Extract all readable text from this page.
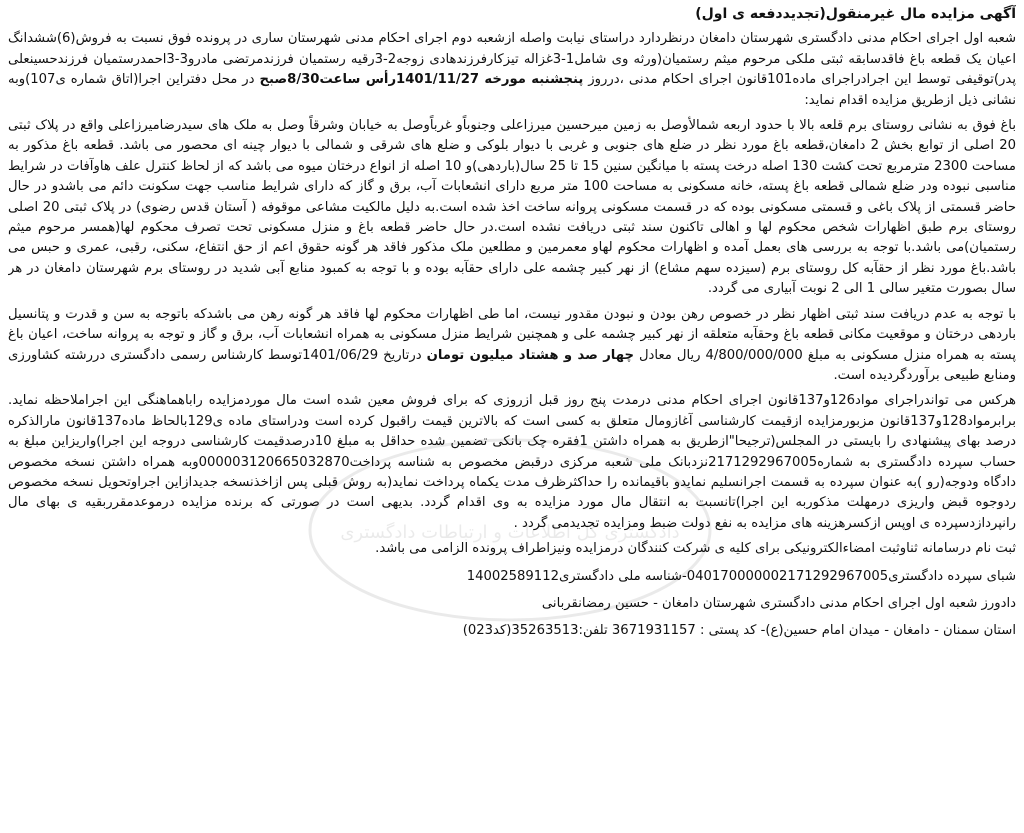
دادگستری کل اطلاعات و ارتباطات دادگستری

آگهی مزایده مال غیرمنقول(تجدیددفعه ی اول)

شعبه اول اجرای احکام مدنی دادگستری شهرستان دامغان درنظردارد دراستای نیابت واصله ازشعبه دوم اجرای احکام مدنی شهرستان ساری در پرونده فوق نسبت به فروش(6)ششدانگ اعیان یک قطعه باغ فاقدسابقه ثبتی ملکی مرحوم میثم رستمیان(ورثه وی شامل1-3غزاله تیزکارفرزندهادی زوجه2-3رقیه رستمیان فرزندمرتضی مادرو3-3احمدرستمیان فرزندحسینعلی پدر)توقیفی توسط این اجرادراجرای ماده101قانون اجرای احکام مدنی ،درروز پنجشنبه مورخه 1401/11/27رأس ساعت8/30صبح در محل دفتراین اجرا(اتاق شماره ی107)وبه نشانی ذیل ازطریق مزایده اقدام نماید:

باغ فوق به نشانی روستای برم قلعه بالا با حدود اربعه شمالأوصل به زمین میرحسین میرزاعلی وجنوباًو غرباًوصل به خیابان وشرقاً وصل به ملک های سیدرضامیرزاعلی واقع در پلاک ثبتی 20 اصلی از توابع بخش 2 دامغان،قطعه باغ مورد نظر در ضلع های جنوبی و غربی با دیوار بلوکی و ضلع های شرقی و شمالی با دیوار چینه ای محصور می باشد. قطعه باغ مذکور به مساحت 2300 مترمربع تحت کشت 130 اصله درخت پسته با میانگین سنین 15 تا 25 سال(باردهی)و 10 اصله از انواع درختان میوه می باشد که از لحاظ کنترل علف هاوآفات در شرایط مناسبی نبوده ودر ضلع شمالی قطعه باغ پسته، خانه مسکونی به مساحت 100 متر مربع دارای انشعابات آب، برق و گاز که دارای شرایط مناسب جهت سکونت دائم می باشدو در حال حاضر قسمتی از پلاک باغی و قسمتی مسکونی بوده که در قسمت مسکونی پروانه ساخت اخذ شده است.به دلیل مالکیت مشاعی موقوفه ( آستان قدس رضوی) در پلاک ثبتی 20 اصلی روستای برم طبق اظهارات شخص محکوم لها و اهالی تاکنون سند ثبتی دریافت نشده است.در حال حاضر قطعه باغ و منزل مسکونی تحت تصرف محکوم لها(همسر مرحوم میثم رستمیان)می باشد.با توجه به بررسی های بعمل آمده و اظهارات محکوم لهاو معمرمین و مطلعین ملک مذکور فاقد هر گونه حقوق اعم از حق انتفاع، سکنی، رقبی، عمری و حبس می باشد.باغ مورد نظر از حقآبه کل روستای برم (سیزده سهم مشاع) از نهر کبیر چشمه علی دارای حقآبه بوده و با توجه به کمبود منابع آبی شدید در روستای برم شهرستان دامغان در هر سال بصورت متغیر سالی 1 الی 2 نوبت آبیاری می گردد.

با توجه به عدم دریافت سند ثبتی اظهار نظر در خصوص رهن بودن و نبودن مقدور نیست، اما طی اظهارات محکوم لها فاقد هر گونه رهن می باشدکه باتوجه به سن و قدرت و پتانسیل باردهی درختان و موقعیت مکانی قطعه باغ وحقآبه متعلقه از نهر کبیر چشمه علی و همچنین شرایط منزل مسکونی به همراه انشعابات آب، برق و گاز و توجه به پروانه ساخت، اعیان باغ پسته به همراه منزل مسکونی به مبلغ 4/800/000/000 ریال معادل چهار صد و هشتاد میلیون تومان درتاریخ 1401/06/29توسط کارشناس رسمی دادگستری دررشته کشاورزی ومنابع طبیعی برآوردگردیده است.

هرکس می تواندراجرای مواد126و137قانون اجرای احکام مدنی درمدت پنج روز قبل ازروزی که برای فروش معین شده است مال موردمزایده راباهماهنگی این اجراملاحظه نماید. برابرمواد128و137قانون مزبورمزایده ازقیمت کارشناسی آغازومال متعلق به کسی است که بالاترین قیمت راقبول کرده است ودراستای ماده ی129بالحاظ ماده137قانون مارالذکره درصد بهای پیشنهادی را بایستی در المجلس(ترجیحا"ازطریق به همراه داشتن 1فقره چک بانکی تضمین شده حداقل به مبلغ 10درصدقیمت کارشناسی دروجه این اجرا)واریزاین مبلغ به حساب سپرده دادگستری به شماره2171292967005نزدبانک ملی شعبه مرکزی درقبض مخصوص به شناسه پرداخت000003120665032870وبه همراه داشتن نسخه مخصوص دادگاه ودوجه(رو )به عنوان سپرده به قسمت اجرانسلیم نمایدو باقیمانده را حداکثرظرف مدت یکماه پرداخت نماید(به روش قبلی پس ازاخذنسخه جدیدازاین اجراوتحویل نسخه مخصوص ردوجوه قبض واریزی درمهلت مذکوربه این اجرا)تانسبت به انتقال مال مورد مزایده به وی اقدام گردد. بدیهی است در صورتی که برنده مزایده درموعدمقرربقیه ی بهای مال رانپردازدسپرده ی اوپس ازکسرهزینه های مزایده به نفع دولت ضبط ومزایده تجدیدمی گردد .

ثبت نام درسامانه ثناوثبت امضاءالکترونیکی برای کلیه ی شرکت کنندگان درمزایده ونیزاطراف پرونده الزامی می باشد.

شبای سپرده دادگستری040170000002171292967005-شناسه ملی دادگستری14002589112

دادورز شعبه اول اجرای احکام مدنی دادگستری شهرستان دامغان - حسین رمضانقربانی

استان سمنان - دامغان - میدان امام حسین(ع)- کد پستی : 3671931157 تلفن:35263513(کد023)
